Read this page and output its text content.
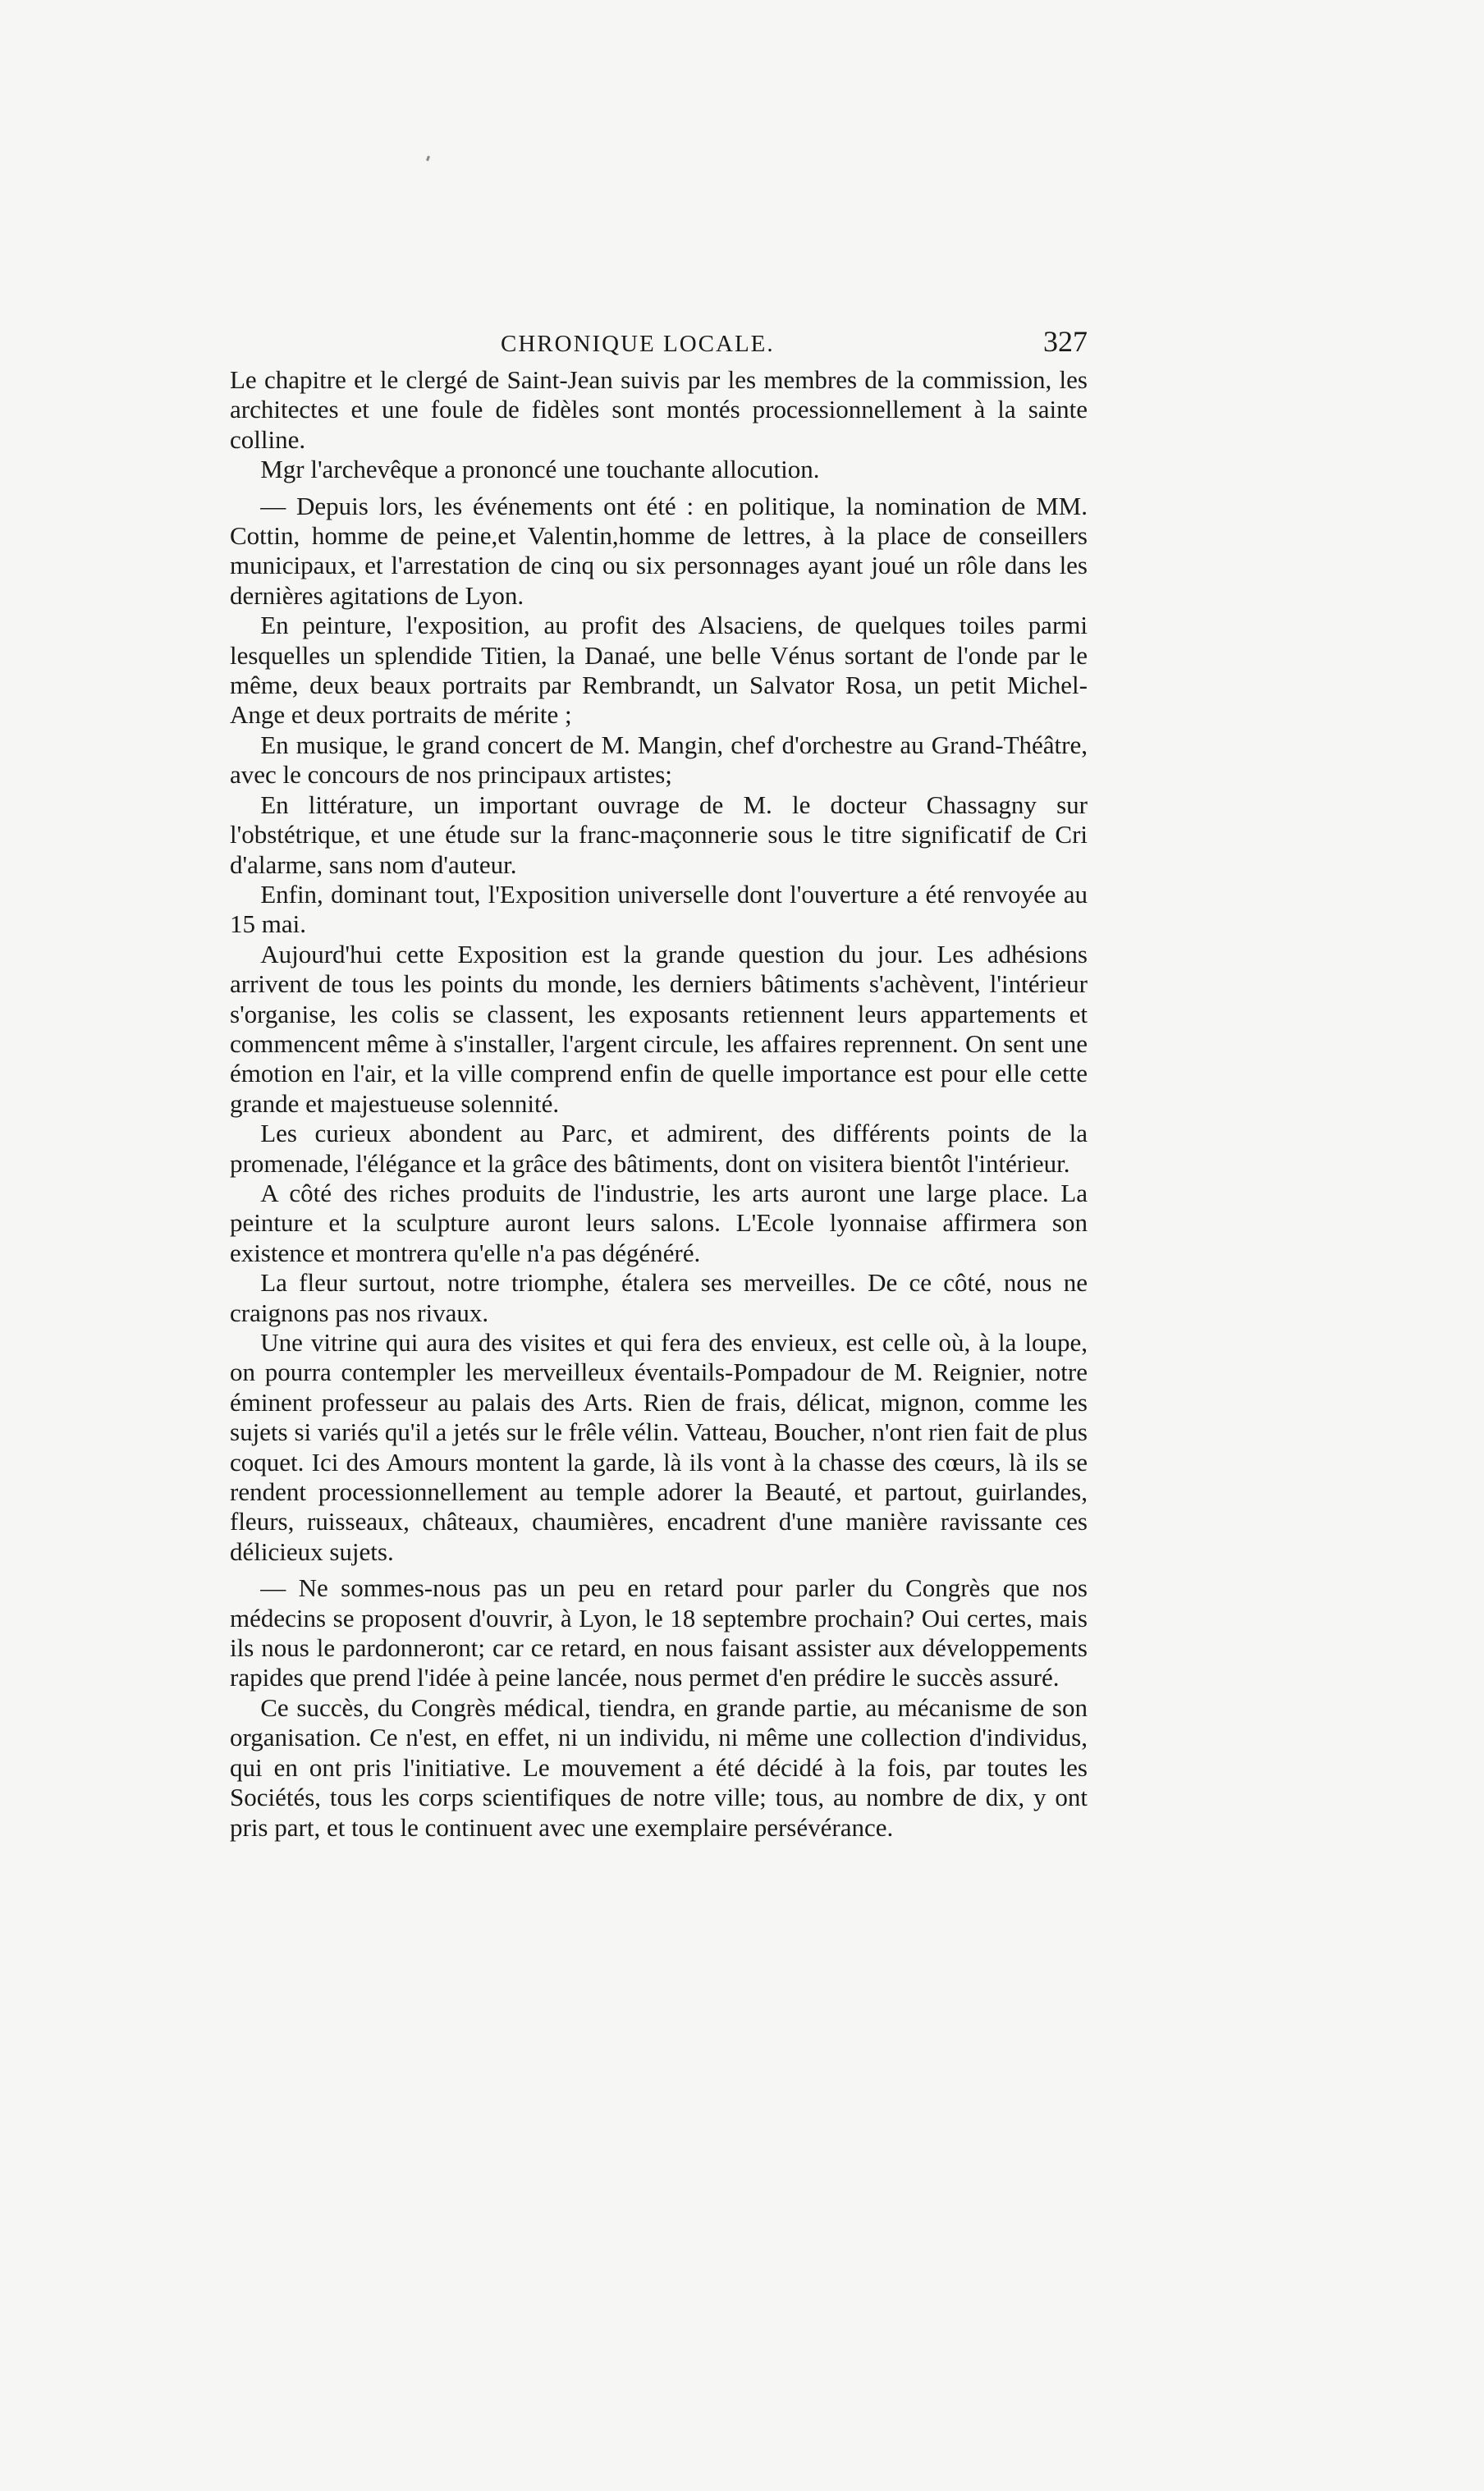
CHRONIQUE LOCALE.	327

Le chapitre et le clergé de Saint-Jean suivis par les membres de la commission, les architectes et une foule de fidèles sont montés processionnellement à la sainte colline.

Mgr l'archevêque a prononcé une touchante allocution.

— Depuis lors, les événements ont été : en politique, la nomination de MM. Cottin, homme de peine,et Valentin,homme de lettres, à la place de conseillers municipaux, et l'arrestation de cinq ou six personnages ayant joué un rôle dans les dernières agitations de Lyon.

En peinture, l'exposition, au profit des Alsaciens, de quelques toiles parmi lesquelles un splendide Titien, la Danaé, une belle Vénus sortant de l'onde par le même, deux beaux portraits par Rembrandt, un Salvator Rosa, un petit Michel-Ange et deux portraits de mérite ;

En musique, le grand concert de M. Mangin, chef d'orchestre au Grand-Théâtre, avec le concours de nos principaux artistes;

En littérature, un important ouvrage de M. le docteur Chassagny sur l'obstétrique, et une étude sur la franc-maçonnerie sous le titre significatif de Cri d'alarme, sans nom d'auteur.

Enfin, dominant tout, l'Exposition universelle dont l'ouverture a été renvoyée au 15 mai.

Aujourd'hui cette Exposition est la grande question du jour. Les adhésions arrivent de tous les points du monde, les derniers bâtiments s'achèvent, l'intérieur s'organise, les colis se classent, les exposants retiennent leurs appartements et commencent même à s'installer, l'argent circule, les affaires reprennent. On sent une émotion en l'air, et la ville comprend enfin de quelle importance est pour elle cette grande et majestueuse solennité.

Les curieux abondent au Parc, et admirent, des différents points de la promenade, l'élégance et la grâce des bâtiments, dont on visitera bientôt l'intérieur.

A côté des riches produits de l'industrie, les arts auront une large place. La peinture et la sculpture auront leurs salons. L'Ecole lyonnaise affirmera son existence et montrera qu'elle n'a pas dégénéré.

La fleur surtout, notre triomphe, étalera ses merveilles. De ce côté, nous ne craignons pas nos rivaux.

Une vitrine qui aura des visites et qui fera des envieux, est celle où, à la loupe, on pourra contempler les merveilleux éventails-Pompadour de M. Reignier, notre éminent professeur au palais des Arts. Rien de frais, délicat, mignon, comme les sujets si variés qu'il a jetés sur le frêle vélin. Vatteau, Boucher, n'ont rien fait de plus coquet. Ici des Amours montent la garde, là ils vont à la chasse des cœurs, là ils se rendent processionnellement au temple adorer la Beauté, et partout, guirlandes, fleurs, ruisseaux, châteaux, chaumières, encadrent d'une manière ravissante ces délicieux sujets.

— Ne sommes-nous pas un peu en retard pour parler du Congrès que nos médecins se proposent d'ouvrir, à Lyon, le 18 septembre prochain? Oui certes, mais ils nous le pardonneront; car ce retard, en nous faisant assister aux développements rapides que prend l'idée à peine lancée, nous permet d'en prédire le succès assuré.

Ce succès, du Congrès médical, tiendra, en grande partie, au mécanisme de son organisation. Ce n'est, en effet, ni un individu, ni même une collection d'individus, qui en ont pris l'initiative. Le mouvement a été décidé à la fois, par toutes les Sociétés, tous les corps scientifiques de notre ville; tous, au nombre de dix, y ont pris part, et tous le continuent avec une exemplaire persévérance.
